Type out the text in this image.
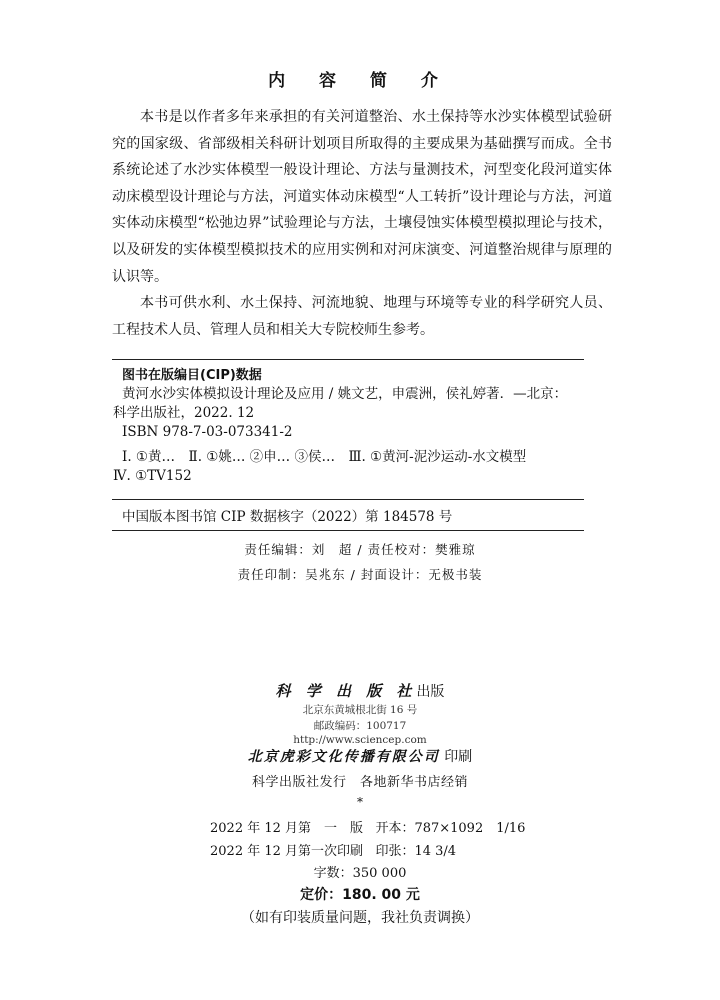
内 容 简 介

本书是以作者多年来承担的有关河道整治、水土保持等水沙实体模型试验研究的国家级、省部级相关科研计划项目所取得的主要成果为基础撰写而成。全书系统论述了水沙实体模型一般设计理论、方法与量测技术，河型变化段河道实体动床模型设计理论与方法，河道实体动床模型“人工转折”设计理论与方法，河道实体动床模型“松弛边界”试验理论与方法，土壤侵蚀实体模型模拟理论与技术，以及研发的实体模型模拟技术的应用实例和对河床演变、河道整治规律与原理的认识等。

本书可供水利、水土保持、河流地貌、地理与环境等专业的科学研究人员、工程技术人员、管理人员和相关大专院校师生参考。

图书在版编目(CIP)数据
黄河水沙实体模拟设计理论及应用 / 姚文艺，申震洲，侯礼婷著．—北京：
科学出版社，2022. 12
ISBN 978-7-03-073341-2
Ⅰ. ①黄…　Ⅱ. ①姚… ②申… ③侯…　Ⅲ. ①黄河-泥沙运动-水文模型
Ⅳ. ①TV152
中国版本图书馆 CIP 数据核字（2022）第 184578 号
责任编辑：刘　超 / 责任校对：樊雅琼
责任印制：吴兆东 / 封面设计：无极书装
科 学 出 版 社出版
北京东黄城根北街 16 号
邮政编码：100717
http://www.sciencep.com
北京虎彩文化传播有限公司 印刷
科学出版社发行　各地新华书店经销
*
2022 年 12 月第　一　版 开本：787×1092　1/16
2022 年 12 月第一次印刷 印张：14 3/4
字数：350 000
定价：180. 00 元
（如有印装质量问题，我社负责调换）
